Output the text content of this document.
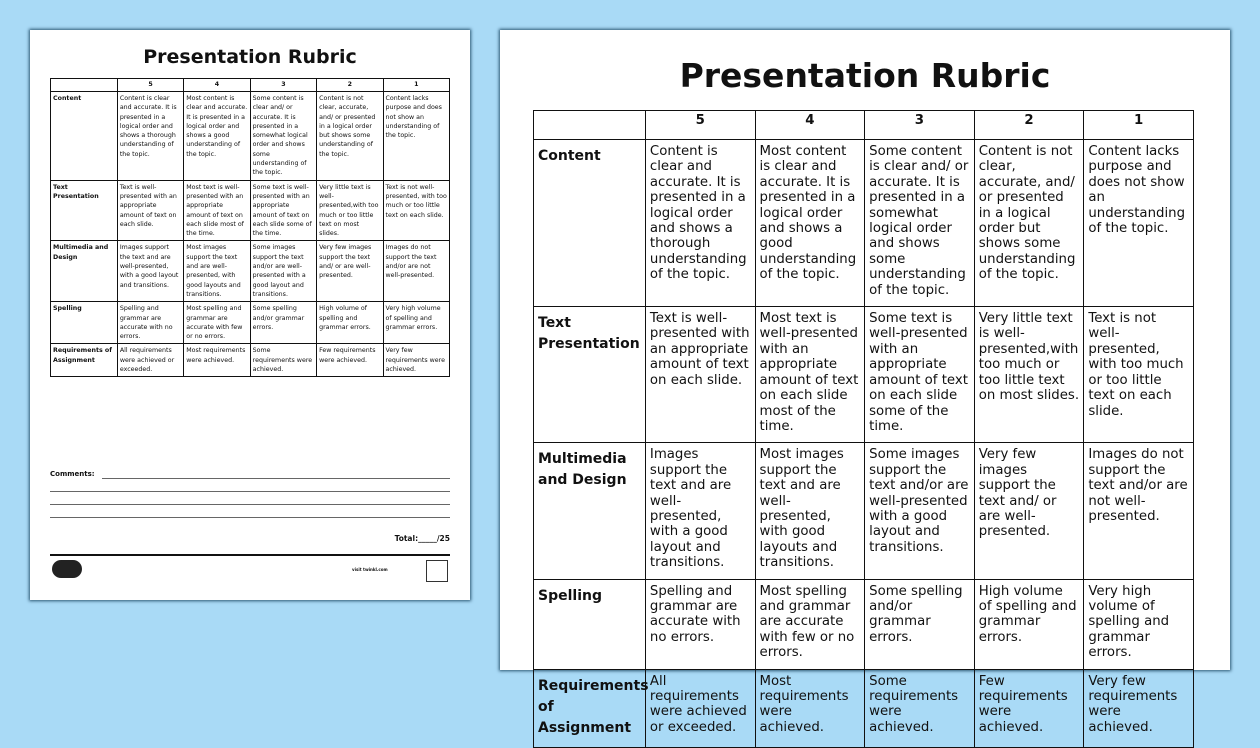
Presentation Rubric
	5	4	3	2	1
Content	Content is clear and accurate. It is presented in a logical order and shows a thorough understanding of the topic.	Most content is clear and accurate. It is presented in a logical order and shows a good understanding of the topic.	Some content is clear and/ or accurate. It is presented in a somewhat logical order and shows some understanding of the topic.	Content is not clear, accurate, and/ or presented in a logical order but shows some understanding of the topic.	Content lacks purpose and does not show an understanding of the topic.
Text Presentation	Text is well-presented with an appropriate amount of text on each slide.	Most text is well-presented with an appropriate amount of text on each slide most of the time.	Some text is well-presented with an appropriate amount of text on each slide some of the time.	Very little text is well-presented,with too much or too little text on most slides.	Text is not well-presented, with too much or too little text on each slide.
Multimedia and Design	Images support the text and are well-presented, with a good layout and transitions.	Most images support the text and are well-presented, with good layouts and transitions.	Some images support the text and/or are well-presented with a good layout and transitions.	Very few images support the text and/ or are well-presented.	Images do not support the text and/or are not well-presented.
Spelling	Spelling and grammar are accurate with no errors.	Most spelling and grammar are accurate with few or no errors.	Some spelling and/or grammar errors.	High volume of spelling and grammar errors.	Very high volume of spelling and grammar errors.
Requirements of Assignment	All requirements were achieved or exceeded.	Most requirements were achieved.	Some requirements were achieved.	Few requirements were achieved.	Very few requirements were achieved.
Comments:
Total:_____/25
visit twinkl.com
Presentation Rubric
	5	4	3	2	1
Content	Content is clear and accurate. It is presented in a logical order and shows a thorough understanding of the topic.	Most content is clear and accurate. It is presented in a logical order and shows a good understanding of the topic.	Some content is clear and/ or accurate. It is presented in a somewhat logical order and shows some understanding of the topic.	Content is not clear, accurate, and/ or presented in a logical order but shows some understanding of the topic.	Content lacks purpose and does not show an understanding of the topic.
Text Presentation	Text is well-presented with an appropriate amount of text on each slide.	Most text is well-presented with an appropriate amount of text on each slide most of the time.	Some text is well-presented with an appropriate amount of text on each slide some of the time.	Very little text is well-presented,with too much or too little text on most slides.	Text is not well-presented, with too much or too little text on each slide.
Multimedia and Design	Images support the text and are well-presented, with a good layout and transitions.	Most images support the text and are well-presented, with good layouts and transitions.	Some images support the text and/or are well-presented with a good layout and transitions.	Very few images support the text and/ or are well-presented.	Images do not support the text and/or are not well-presented.
Spelling	Spelling and grammar are accurate with no errors.	Most spelling and grammar are accurate with few or no errors.	Some spelling and/or grammar errors.	High volume of spelling and grammar errors.	Very high volume of spelling and grammar errors.
Requirements of Assignment	All requirements were achieved or exceeded.	Most requirements were achieved.	Some requirements were achieved.	Few requirements were achieved.	Very few requirements were achieved.
